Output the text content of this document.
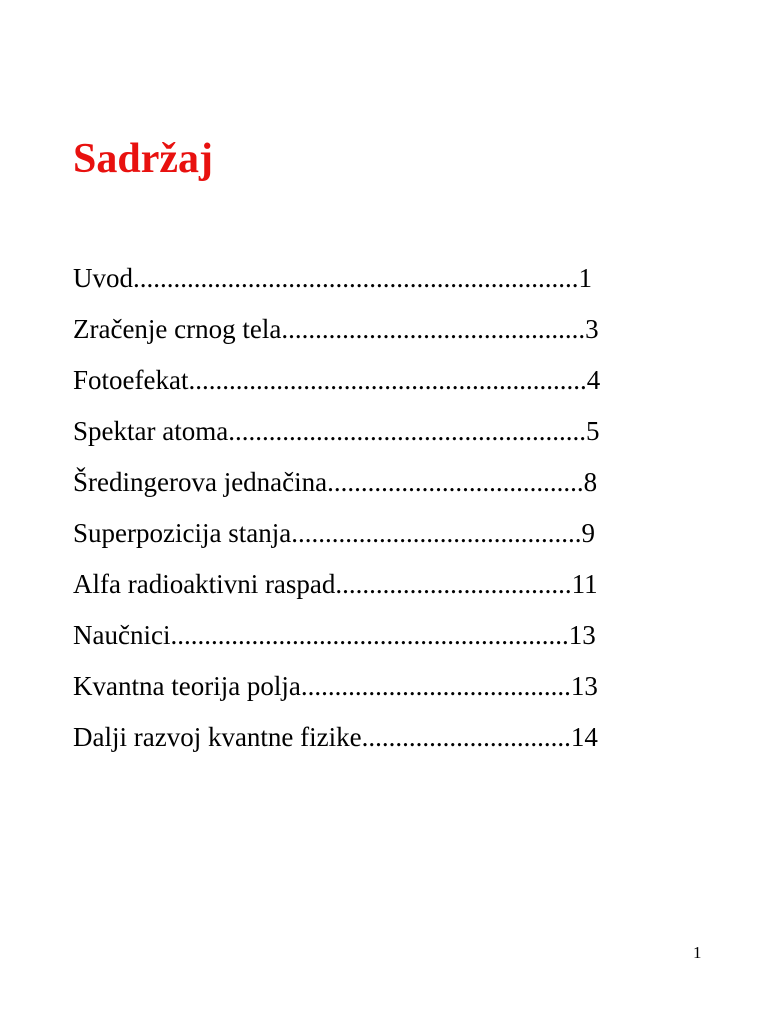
Sadržaj
Uvod..................................................................1
Zračenje crnog tela.............................................3
Fotoefekat...........................................................4
Spektar atoma.....................................................5
Šredingerova jednačina......................................8
Superpozicija stanja...........................................9
Alfa radioaktivni raspad...................................11
Naučnici...........................................................13
Kvantna teorija polja........................................13
Dalji razvoj kvantne fizike...............................14
1
